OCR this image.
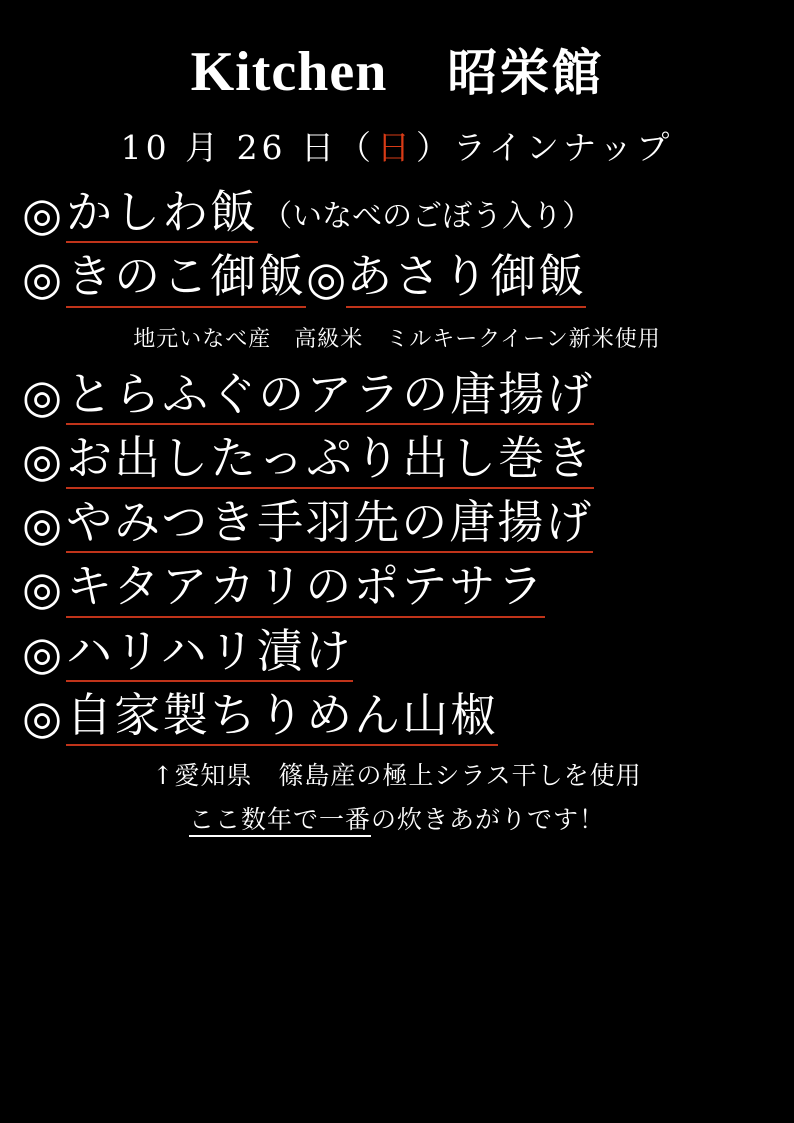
Kitchen 昭栄館
10 月 26 日 （ 日 ） ラインナップ
◎ かしわ飯 （いなべのごぼう入り）
◎ きのこ御飯 ◎ あさり御飯
地元いなべ産　高級米　ミルキークイーン新米使用
◎ とらふぐのアラの唐揚げ
◎ お出したっぷり出し巻き
◎ やみつき手羽先の唐揚げ
◎ キタアカリのポテサラ
◎ ハリハリ漬け
◎ 自家製ちりめん山椒
↑愛知県　篠島産の極上シラス干しを使用
ここ数年で一番の炊きあがりです！
